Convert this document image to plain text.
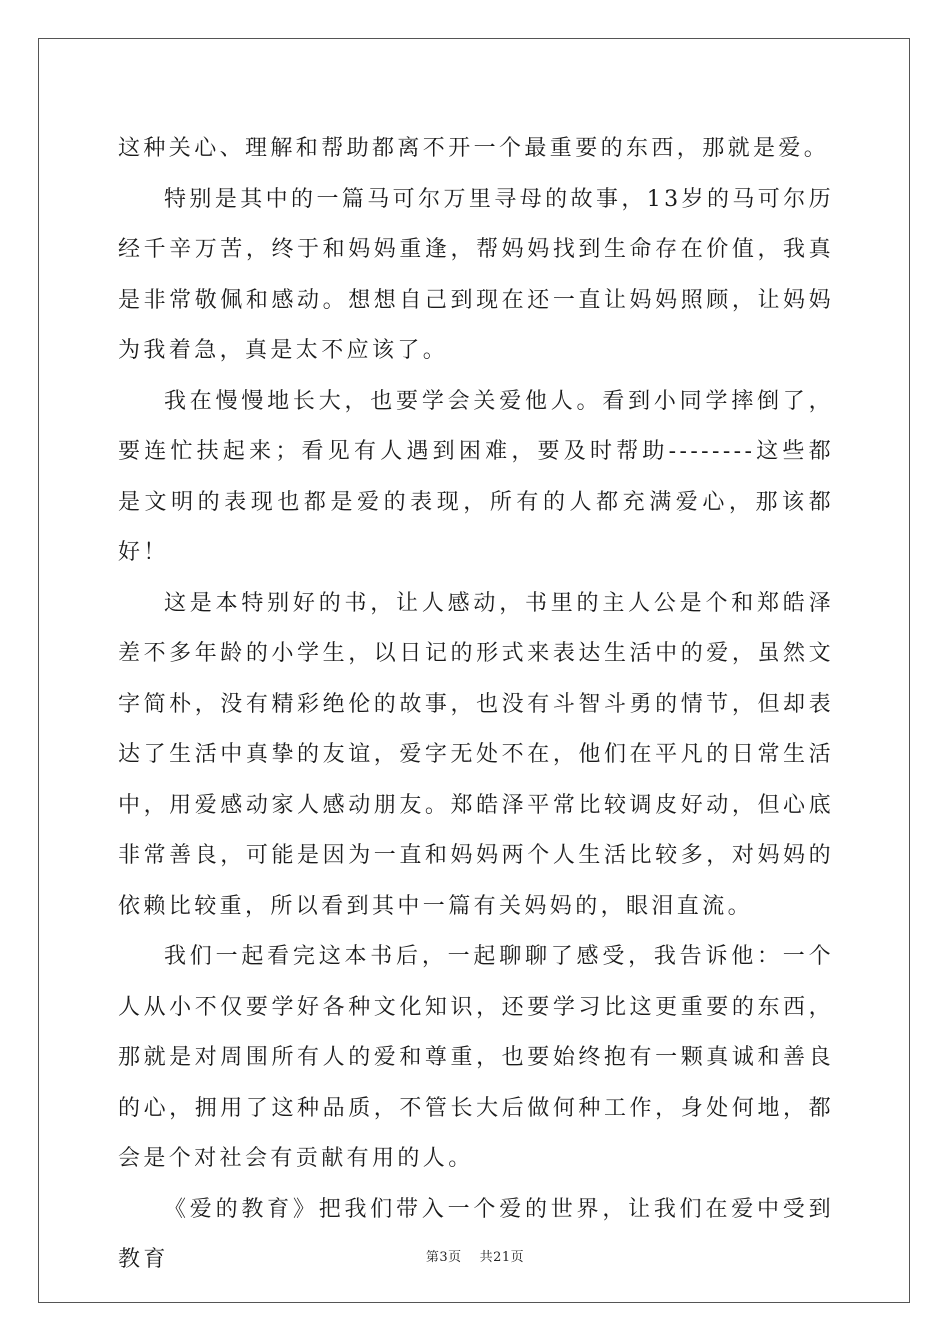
这种关心、理解和帮助都离不开一个最重要的东西，那就是爱。

特别是其中的一篇马可尔万里寻母的故事，13岁的马可尔历经千辛万苦，终于和妈妈重逢，帮妈妈找到生命存在价值，我真是非常敬佩和感动。想想自己到现在还一直让妈妈照顾，让妈妈为我着急，真是太不应该了。

我在慢慢地长大，也要学会关爱他人。看到小同学摔倒了，要连忙扶起来；看见有人遇到困难，要及时帮助--------这些都是文明的表现也都是爱的表现，所有的人都充满爱心，那该都好！

这是本特别好的书，让人感动，书里的主人公是个和郑皓泽差不多年龄的小学生，以日记的形式来表达生活中的爱，虽然文字简朴，没有精彩绝伦的故事，也没有斗智斗勇的情节，但却表达了生活中真挚的友谊，爱字无处不在，他们在平凡的日常生活中，用爱感动家人感动朋友。郑皓泽平常比较调皮好动，但心底非常善良，可能是因为一直和妈妈两个人生活比较多，对妈妈的依赖比较重，所以看到其中一篇有关妈妈的，眼泪直流。

我们一起看完这本书后，一起聊聊了感受，我告诉他：一个人从小不仅要学好各种文化知识，还要学习比这更重要的东西，那就是对周围所有人的爱和尊重，也要始终抱有一颗真诚和善良的心，拥用了这种品质，不管长大后做何种工作，身处何地，都会是个对社会有贡献有用的人。

《爱的教育》把我们带入一个爱的世界，让我们在爱中受到教育	第3页 共21页
